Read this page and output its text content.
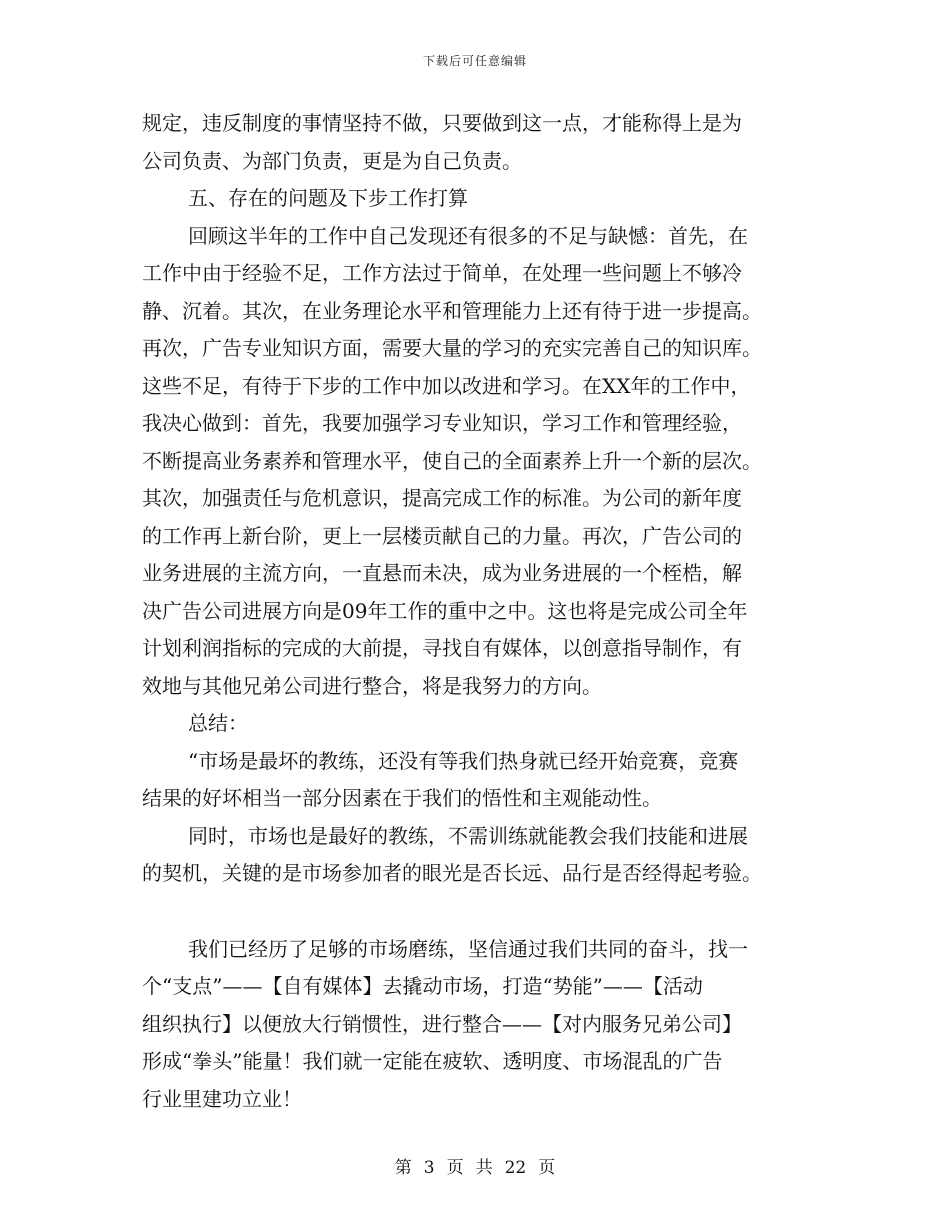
下载后可任意编辑
规定，违反制度的事情坚持不做，只要做到这一点，才能称得上是为
公司负责、为部门负责，更是为自己负责。
五、存在的问题及下步工作打算
回顾这半年的工作中自己发现还有很多的不足与缺憾：首先，在
工作中由于经验不足，工作方法过于简单，在处理一些问题上不够冷
静、沉着。其次，在业务理论水平和管理能力上还有待于进一步提高。
再次，广告专业知识方面，需要大量的学习的充实完善自己的知识库。
这些不足，有待于下步的工作中加以改进和学习。在XX年的工作中，
我决心做到：首先，我要加强学习专业知识，学习工作和管理经验，
不断提高业务素养和管理水平，使自己的全面素养上升一个新的层次。
其次，加强责任与危机意识，提高完成工作的标准。为公司的新年度
的工作再上新台阶，更上一层楼贡献自己的力量。再次，广告公司的
业务进展的主流方向，一直悬而未决，成为业务进展的一个桎梏，解
决广告公司进展方向是09年工作的重中之中。这也将是完成公司全年
计划利润指标的完成的大前提，寻找自有媒体，以创意指导制作，有
效地与其他兄弟公司进行整合，将是我努力的方向。
总结：
“市场是最坏的教练，还没有等我们热身就已经开始竞赛，竞赛
结果的好坏相当一部分因素在于我们的悟性和主观能动性。
同时，市场也是最好的教练，不需训练就能教会我们技能和进展
的契机，关键的是市场参加者的眼光是否长远、品行是否经得起考验。
我们已经历了足够的市场磨练，坚信通过我们共同的奋斗，找一
个“支点”——【自有媒体】去撬动市场，打造“势能”——【活动
组织执行】以便放大行销惯性，进行整合——【对内服务兄弟公司】
形成“拳头”能量！我们就一定能在疲软、透明度、市场混乱的广告
行业里建功立业！
第 3 页 共 22 页
